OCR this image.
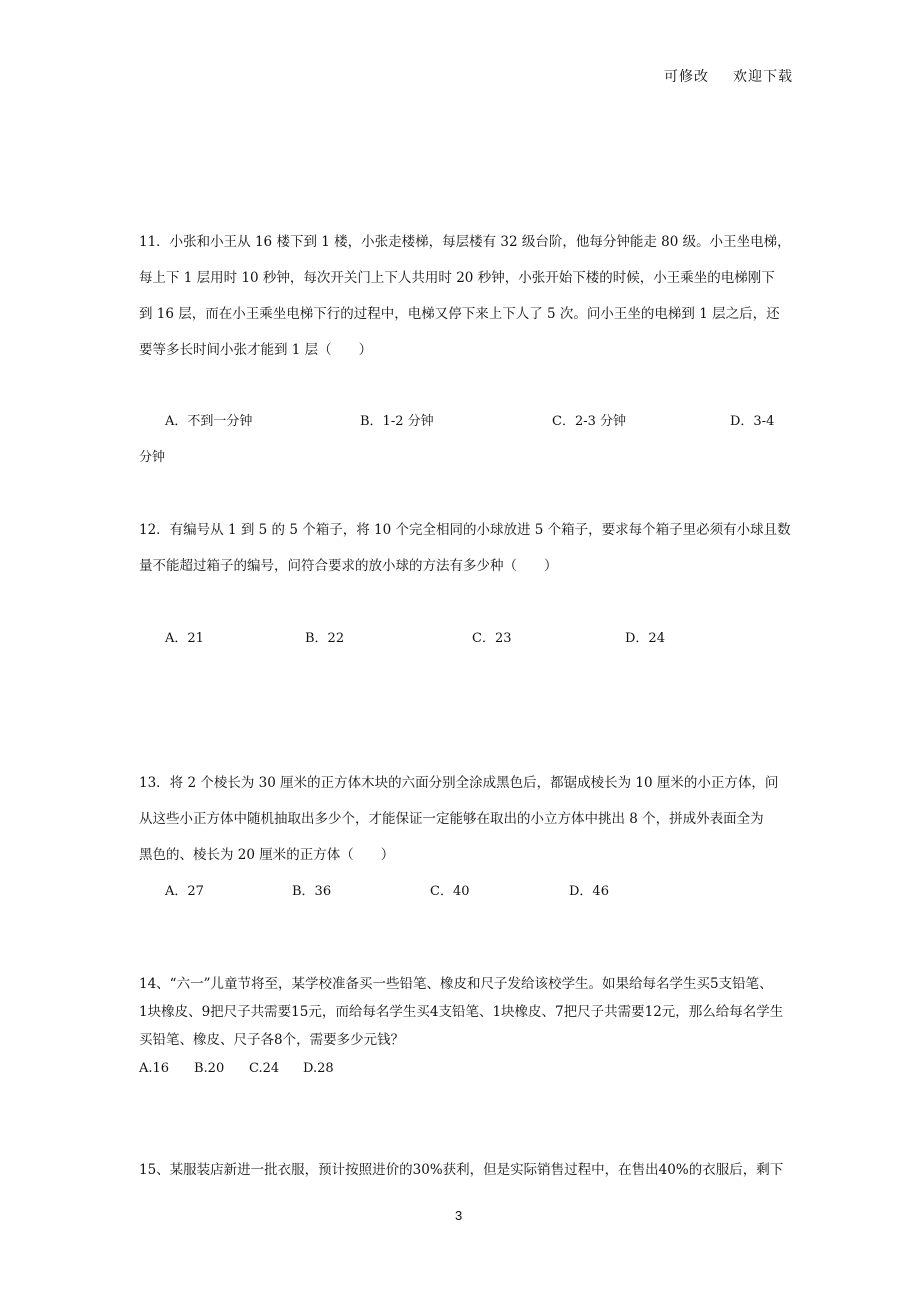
可修改 欢迎下载
11．小张和小王从 16 楼下到 1 楼，小张走楼梯，每层楼有 32 级台阶，他每分钟能走 80 级。小王坐电梯，
每上下 1 层用时 10 秒钟，每次开关门上下人共用时 20 秒钟，小张开始下楼的时候，小王乘坐的电梯刚下
到 16 层，而在小王乘坐电梯下行的过程中，电梯又停下来上下人了 5 次。问小王坐的电梯到 1 层之后，还
要等多长时间小张才能到 1 层（　　）
A．不到一分钟	B．1-2 分钟	C．2-3 分钟	D．3-4
分钟
12．有编号从 1 到 5 的 5 个箱子，将 10 个完全相同的小球放进 5 个箱子，要求每个箱子里必须有小球且数
量不能超过箱子的编号，问符合要求的放小球的方法有多少种（　　）
A．21	B．22	C．23	D．24
13．将 2 个棱长为 30 厘米的正方体木块的六面分别全涂成黑色后，都锯成棱长为 10 厘米的小正方体，问
从这些小正方体中随机抽取出多少个，才能保证一定能够在取出的小立方体中挑出 8 个，拼成外表面全为
黑色的、棱长为 20 厘米的正方体（　　）
A．27	B．36	C．40	D．46
14、“六一”儿童节将至，某学校准备买一些铅笔、橡皮和尺子发给该校学生。如果给每名学生买5支铅笔、
1块橡皮、9把尺子共需要15元，而给每名学生买4支铅笔、1块橡皮、7把尺子共需要12元，那么给每名学生
买铅笔、橡皮、尺子各8个，需要多少元钱？
A.16 B.20 C.24 D.28
15、某服装店新进一批衣服，预计按照进价的30%获利，但是实际销售过程中，在售出40%的衣服后，剩下
3
